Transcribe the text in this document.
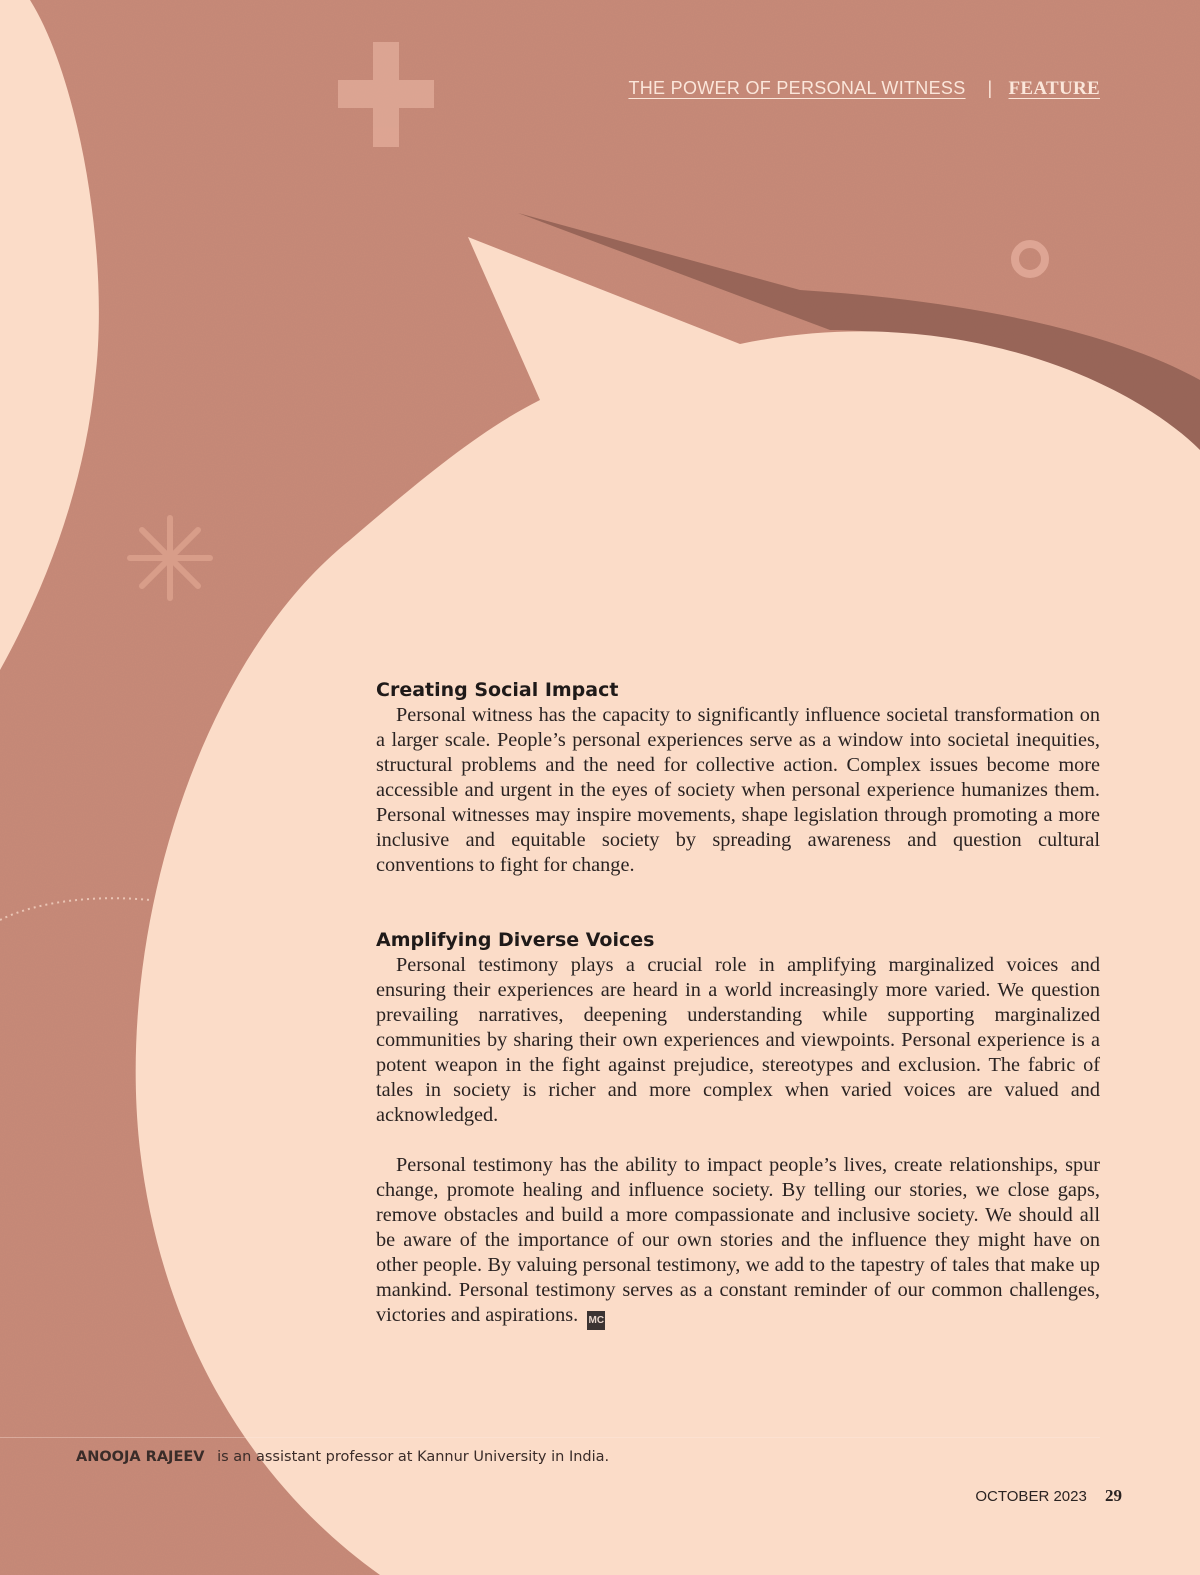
THE POWER OF PERSONAL WITNESS | FEATURE
Creating Social Impact

Personal witness has the capacity to significantly influence societal transformation on a larger scale. People’s personal experiences serve as a window into societal inequities, structural problems and the need for collective action. Complex issues become more accessible and urgent in the eyes of society when personal experience humanizes them. Personal witnesses may inspire movements, shape legislation through promoting a more inclusive and equitable society by spreading awareness and question cultural conventions to fight for change.

Amplifying Diverse Voices

Personal testimony plays a crucial role in amplifying marginalized voices and ensuring their experiences are heard in a world increasingly more varied. We question prevailing narratives, deepening understanding while supporting marginalized communities by sharing their own experiences and viewpoints. Personal experience is a potent weapon in the fight against prejudice, stereotypes and exclusion. The fabric of tales in society is richer and more complex when varied voices are valued and acknowledged.

Personal testimony has the ability to impact people’s lives, create relationships, spur change, promote healing and influence society. By telling our stories, we close gaps, remove obstacles and build a more compassionate and inclusive society. We should all be aware of the importance of our own stories and the influence they might have on other people. By valuing personal testimony, we add to the tapestry of tales that make up mankind. Personal testimony serves as a constant reminder of our common challenges, victories and aspirations. MC

ANOOJA RAJEEV is an assistant professor at Kannur University in India.
OCTOBER 2023 29
